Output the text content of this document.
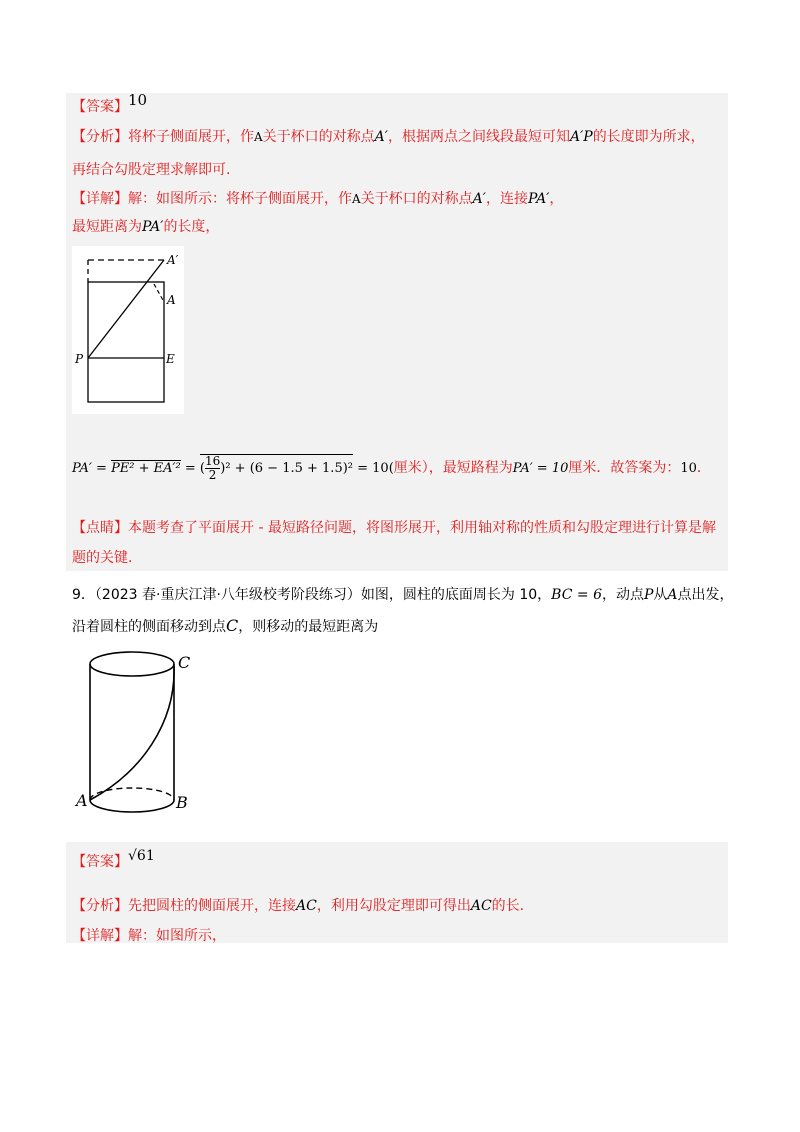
【答案】10
【分析】将杯子侧面展开，作A关于杯口的对称点A′，根据两点之间线段最短可知A′P的长度即为所求，
再结合勾股定理求解即可.
【详解】解：如图所示：将杯子侧面展开，作A关于杯口的对称点A′，连接PA′，
最短距离为PA′的长度，
A′
A
P	E
PA′ = PE² + EA′² = ( $\frac{16}{2} )^2 + (6 - 1.5 + 1.5)^2 = 10$(厘米），最短路程为PA′ = 10厘米．故答案为：10．
【点睛】本题考查了平面展开 - 最短路径问题，将图形展开，利用轴对称的性质和勾股定理进行计算是解
题的关键.
9．（2023 春·重庆江津·八年级校考阶段练习）如图，圆柱的底面周长为 10，BC = 6，动点P从A点出发，
沿着圆柱的侧面移动到点C，则移动的最短距离为
C
A	B
【答案】√61
【分析】先把圆柱的侧面展开，连接AC，利用勾股定理即可得出AC的长.
【详解】解：如图所示，
